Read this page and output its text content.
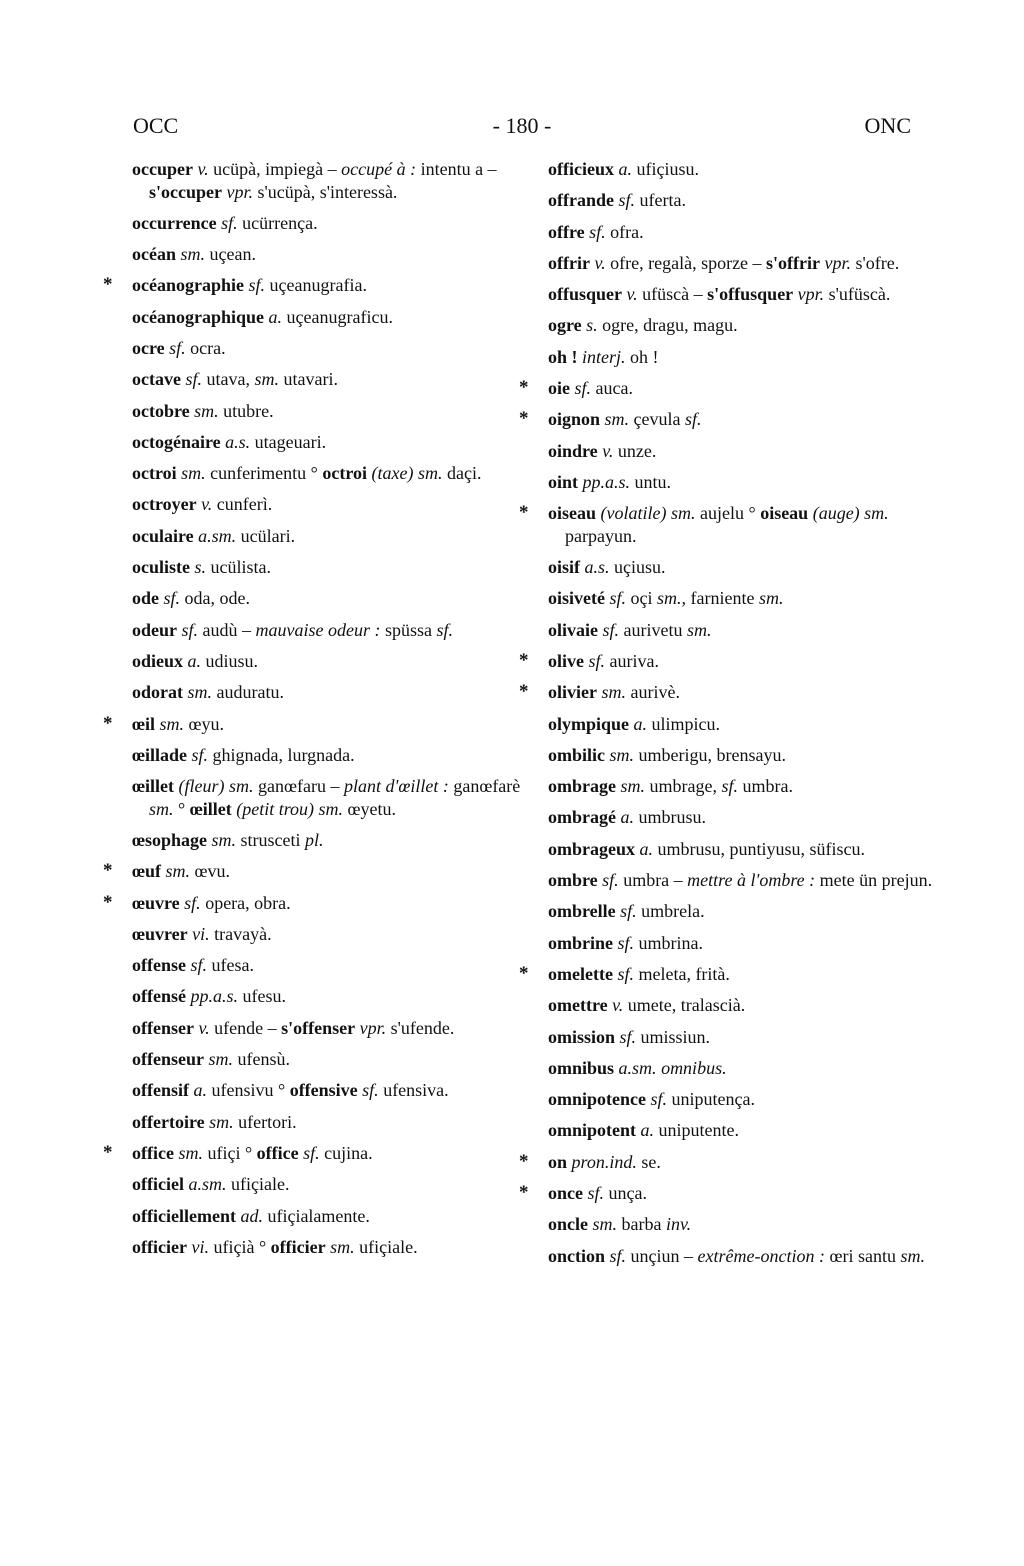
OCC	- 180 -	ONC
occuper v. ucüpà, impiegà – occupé à : intentu a – s'occuper vpr. s'ucüpà, s'interessà.
occurrence sf. ucürrença.
océan sm. uçean.
* océanographie sf. uçeanugrafia.
océanographique a. uçeanugraficu.
ocre sf. ocra.
octave sf. utava, sm. utavari.
octobre sm. utubre.
octogénaire a.s. utageuari.
octroi sm. cunferimentu ° octroi (taxe) sm. daçi.
octroyer v. cunferì.
oculaire a.sm. ucülari.
oculiste s. ucülista.
ode sf. oda, ode.
odeur sf. audù – mauvaise odeur : spüssa sf.
odieux a. udiusu.
odorat sm. auduratu.
* œil sm. œyu.
œillade sf. ghignada, lurgnada.
œillet (fleur) sm. ganœfaru – plant d'œillet : ganœfarè sm. ° œillet (petit trou) sm. œyetu.
œsophage sm. strusceti pl.
* œuf sm. œvu.
* œuvre sf. opera, obra.
œuvrer vi. travayà.
offense sf. ufesa.
offensé pp.a.s. ufesu.
offenser v. ufende – s'offenser vpr. s'ufende.
offenseur sm. ufensù.
offensif a. ufensivu ° offensive sf. ufensiva.
offertoire sm. ufertori.
* office sm. ufiçi ° office sf. cujina.
officiel a.sm. ufiçiale.
officiellement ad. ufiçialamente.
officier vi. ufiçià ° officier sm. ufiçiale.
officieux a. ufiçiusu.
offrande sf. uferta.
offre sf. ofra.
offrir v. ofre, regalà, sporze – s'offrir vpr. s'ofre.
offusquer v. ufüscà – s'offusquer vpr. s'ufüscà.
ogre s. ogre, dragu, magu.
oh ! interj. oh !
* oie sf. auca.
* oignon sm. çevula sf.
oindre v. unze.
oint pp.a.s. untu.
* oiseau (volatile) sm. aujelu ° oiseau (auge) sm. parpayun.
oisif a.s. uçiusu.
oisiveté sf. oçi sm., farniente sm.
olivaie sf. aurivetu sm.
* olive sf. auriva.
* olivier sm. aurivè.
olympique a. ulimpicu.
ombilic sm. umberigu, brensayu.
ombrage sm. umbrage, sf. umbra.
ombragé a. umbrusu.
ombrageux a. umbrusu, puntiyusu, süfiscu.
ombre sf. umbra – mettre à l'ombre : mete ün prejun.
ombrelle sf. umbrela.
ombrine sf. umbrina.
* omelette sf. meleta, frità.
omettre v. umete, tralascià.
omission sf. umissiun.
omnibus a.sm. omnibus.
omnipotence sf. uniputença.
omnipotent a. uniputente.
* on pron.ind. se.
* once sf. unça.
oncle sm. barba inv.
onction sf. unçiun – extrême-onction : œri santu sm.
